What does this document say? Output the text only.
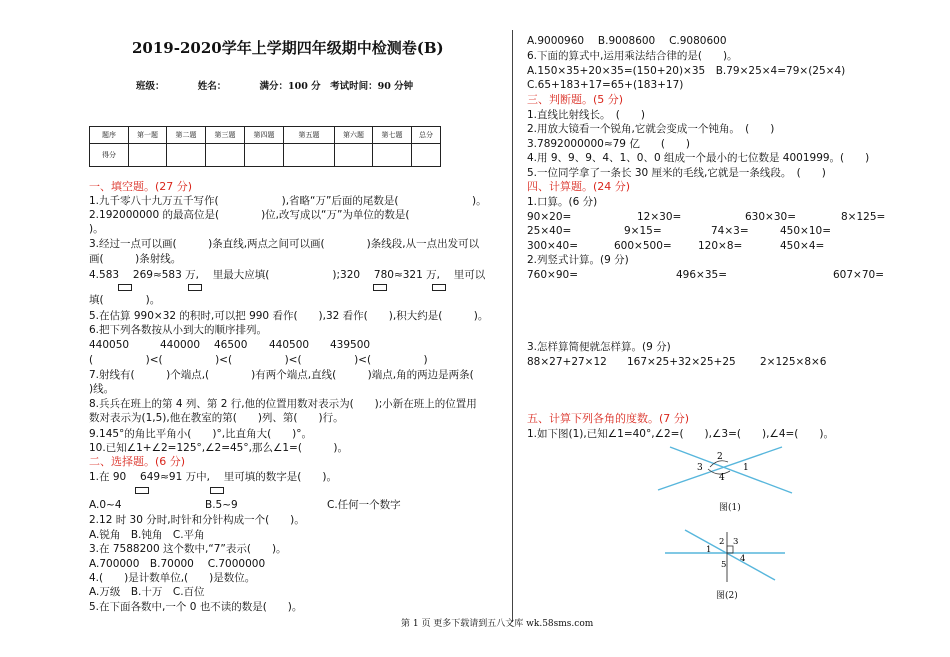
2019-2020学年上学期四年级期中检测卷(B)
班级：　　　　姓名：　　　　满分：100 分　考试时间：90 分钟
题序	第一题	第二题	第三题	第四题	第五题	第六题	第七题	总分
得分								
一、填空题。(27 分)
1.九千零八十九万五千写作(　　　　　　),省略“万”后面的尾数是(　　　　　　　)。
2.192000000 的最高位是(　　　　)位,改写成以“万”为单位的数是(
)。
3.经过一点可以画(　　　)条直线,两点之间可以画(　　　　)条线段,从一点出发可以
画(　　　)条射线。
4.583　 269≈583 万, 　里最大应填(　　　　　　);320　 780≈321 万, 　里可以
填(　　　　)。
5.在估算 990×32 的积时,可以把 990 看作(　　),32 看作(　　),积大约是(　　　)。
6.把下列各数按从小到大的顺序排列。
440050	440000 46500 440500 439500
(　　　　　)<(　　　　　)<(　　　　　)<(　　　　　)<(　　　　　)
7.射线有(　　　)个端点,(　　　　)有两个端点,直线(　　　)端点,角的两边是两条(
)线。
8.兵兵在班上的第 4 列、第 2 行,他的位置用数对表示为(　　);小新在班上的位置用
数对表示为(1,5),他在教室的第(　　)列、第(　　)行。
9.145°的角比平角小(　　)°,比直角大(　　)°。
10.已知∠1+∠2=125°,∠2=45°,那么∠1=(　　　)。
二、选择题。(6 分)
1.在 90　 649≈91 万中, 　里可填的数字是(　　)。
A.0~4	B.5~9	C.任何一个数字
2.12 时 30 分时,时针和分针构成一个(　　)。
A.锐角　B.钝角　C.平角
3.在 7588200 这个数中,“7”表示(　　)。
A.700000　B.70000　 C.7000000
4.(　　)是计数单位,(　　)是数位。
A.万级　B.十万　C.百位
5.在下面各数中,一个 0 也不读的数是(　　)。
A.9000960　 B.9008600　 C.9080600
6.下面的算式中,运用乘法结合律的是(　　)。
A.150×35+20×35=(150+20)×35　B.79×25×4=79×(25×4)
C.65+183+17=65+(183+17)
三、判断题。(5 分)
1.直线比射线长。　(　　)
2.用放大镜看一个锐角,它就会变成一个钝角。　(　　)
3.7892000000≈79 亿　　(　　)
4.用 9、9、9、4、1、0、0 组成一个最小的七位数是 4001999。(　　)
5.一位同学拿了一条长 30 厘米的毛线,它就是一条线段。　(　　)
四、计算题。(24 分)
1.口算。(6 分)
90×20=	12×30=	630×30=	8×125=
25×40=	9×15=	74×3=	450×10=
300×40=	600×500=	120×8=	450×4=
2.列竖式计算。(9 分)
760×90=	496×35=	607×70=
3.怎样算简便就怎样算。(9 分)
88×27+27×12 167×25+32×25+25 2×125×8×6
五、计算下列各角的度数。(7 分)
1.如下图(1),已知∠1=40°,∠2=(　　),∠3=(　　),∠4=(　　)。
2
3	1
4
图(1)
2 3
1
4
5
图(2)
第 1 页 更多下载请到五八文库 wk.58sms.com
